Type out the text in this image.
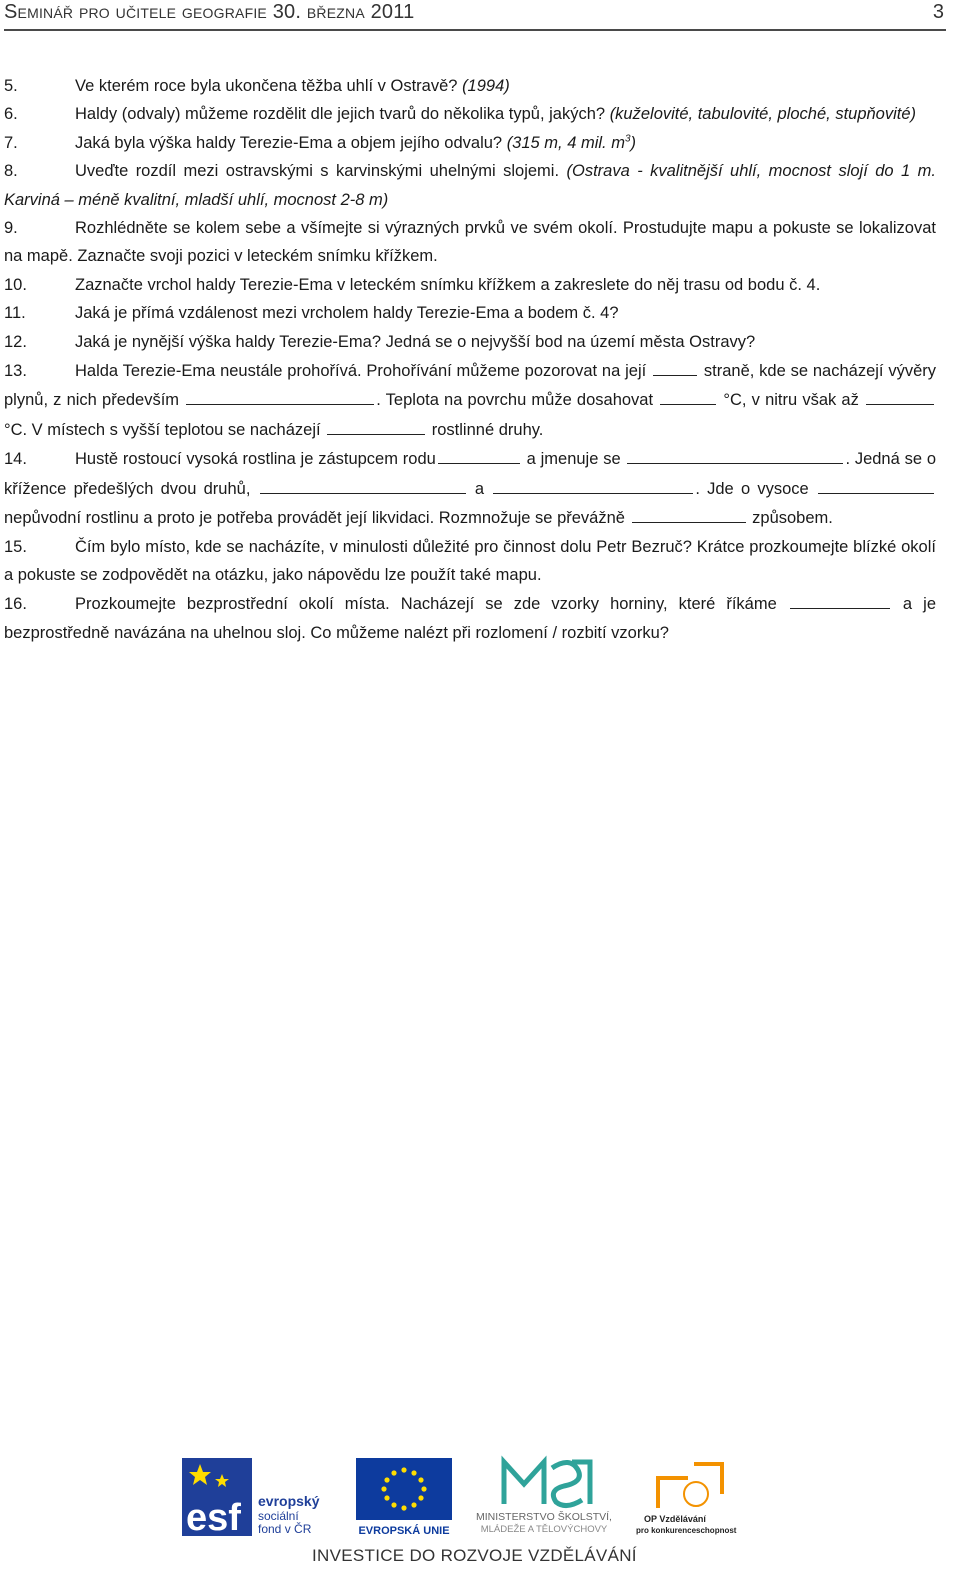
Seminář pro učitele geografie 30. března 2011	3

5.	Ve kterém roce byla ukončena těžba uhlí v Ostravě? (1994)

6.	Haldy (odvaly) můžeme rozdělit dle jejich tvarů do několika typů, jakých? (kuželovité, tabulovité, ploché, stupňovité)

7.	Jaká byla výška haldy Terezie-Ema a objem jejího odvalu? (315 m, 4 mil. $m^3$)

8.	Uveďte rozdíl mezi ostravskými s karvinskými uhelnými slojemi. (Ostrava - kvalitnější uhlí, mocnost slojí do 1 m. Karviná – méně kvalitní, mladší uhlí, mocnost 2-8 m)

9.	Rozhlédněte se kolem sebe a všímejte si výrazných prvků ve svém okolí. Prostudujte mapu a pokuste se lokalizovat na mapě. Zaznačte svoji pozici v leteckém snímku křížkem.

10.	Zaznačte vrchol haldy Terezie-Ema v leteckém snímku křížkem a zakreslete do něj trasu od bodu č. 4.

11.	Jaká je přímá vzdálenost mezi vrcholem haldy Terezie-Ema a bodem č. 4?

12.	Jaká je nynější výška haldy Terezie-Ema? Jedná se o nejvyšší bod na území města Ostravy?

13.	Halda Terezie-Ema neustále prohořívá. Prohořívání můžeme pozorovat na její	straně, kde se nacházejí vývěry plynů, z nich především	. Teplota na povrchu může dosahovat	°C, v nitru však až  °C. V místech s vyšší teplotou se nacházejí	rostlinné druhy.

14.	Hustě rostoucí vysoká rostlina je zástupcem rodu	a jmenuje se	. Jedná se o křížence předešlých dvou druhů,	a	. Jde o vysoce  nepůvodní rostlinu a proto je potřeba provádět její likvidaci. Rozmnožuje se převážně	způsobem.

15.	Čím bylo místo, kde se nacházíte, v minulosti důležité pro činnost dolu Petr Bezruč? Krátce prozkoumejte blízké okolí a pokuste se zodpovědět na otázku, jako nápovědu lze použít také mapu.

16.	Prozkoumejte bezprostřední okolí místa. Nacházejí se zde vzorky horniny, které říkáme	a je bezprostředně navázána na uhelnou sloj. Co můžeme nalézt při rozlomení / rozbití vzorku?

esf evropský
sociální
fond v ČR	EVROPSKÁ UNIE
MINISTERSTVO ŠKOLSTVÍ,
MLÁDEŽE A TĚLOVÝCHOVY
OP Vzdělávání
pro konkurenceschopnost
INVESTICE DO ROZVOJE VZDĚLÁVÁNÍ
